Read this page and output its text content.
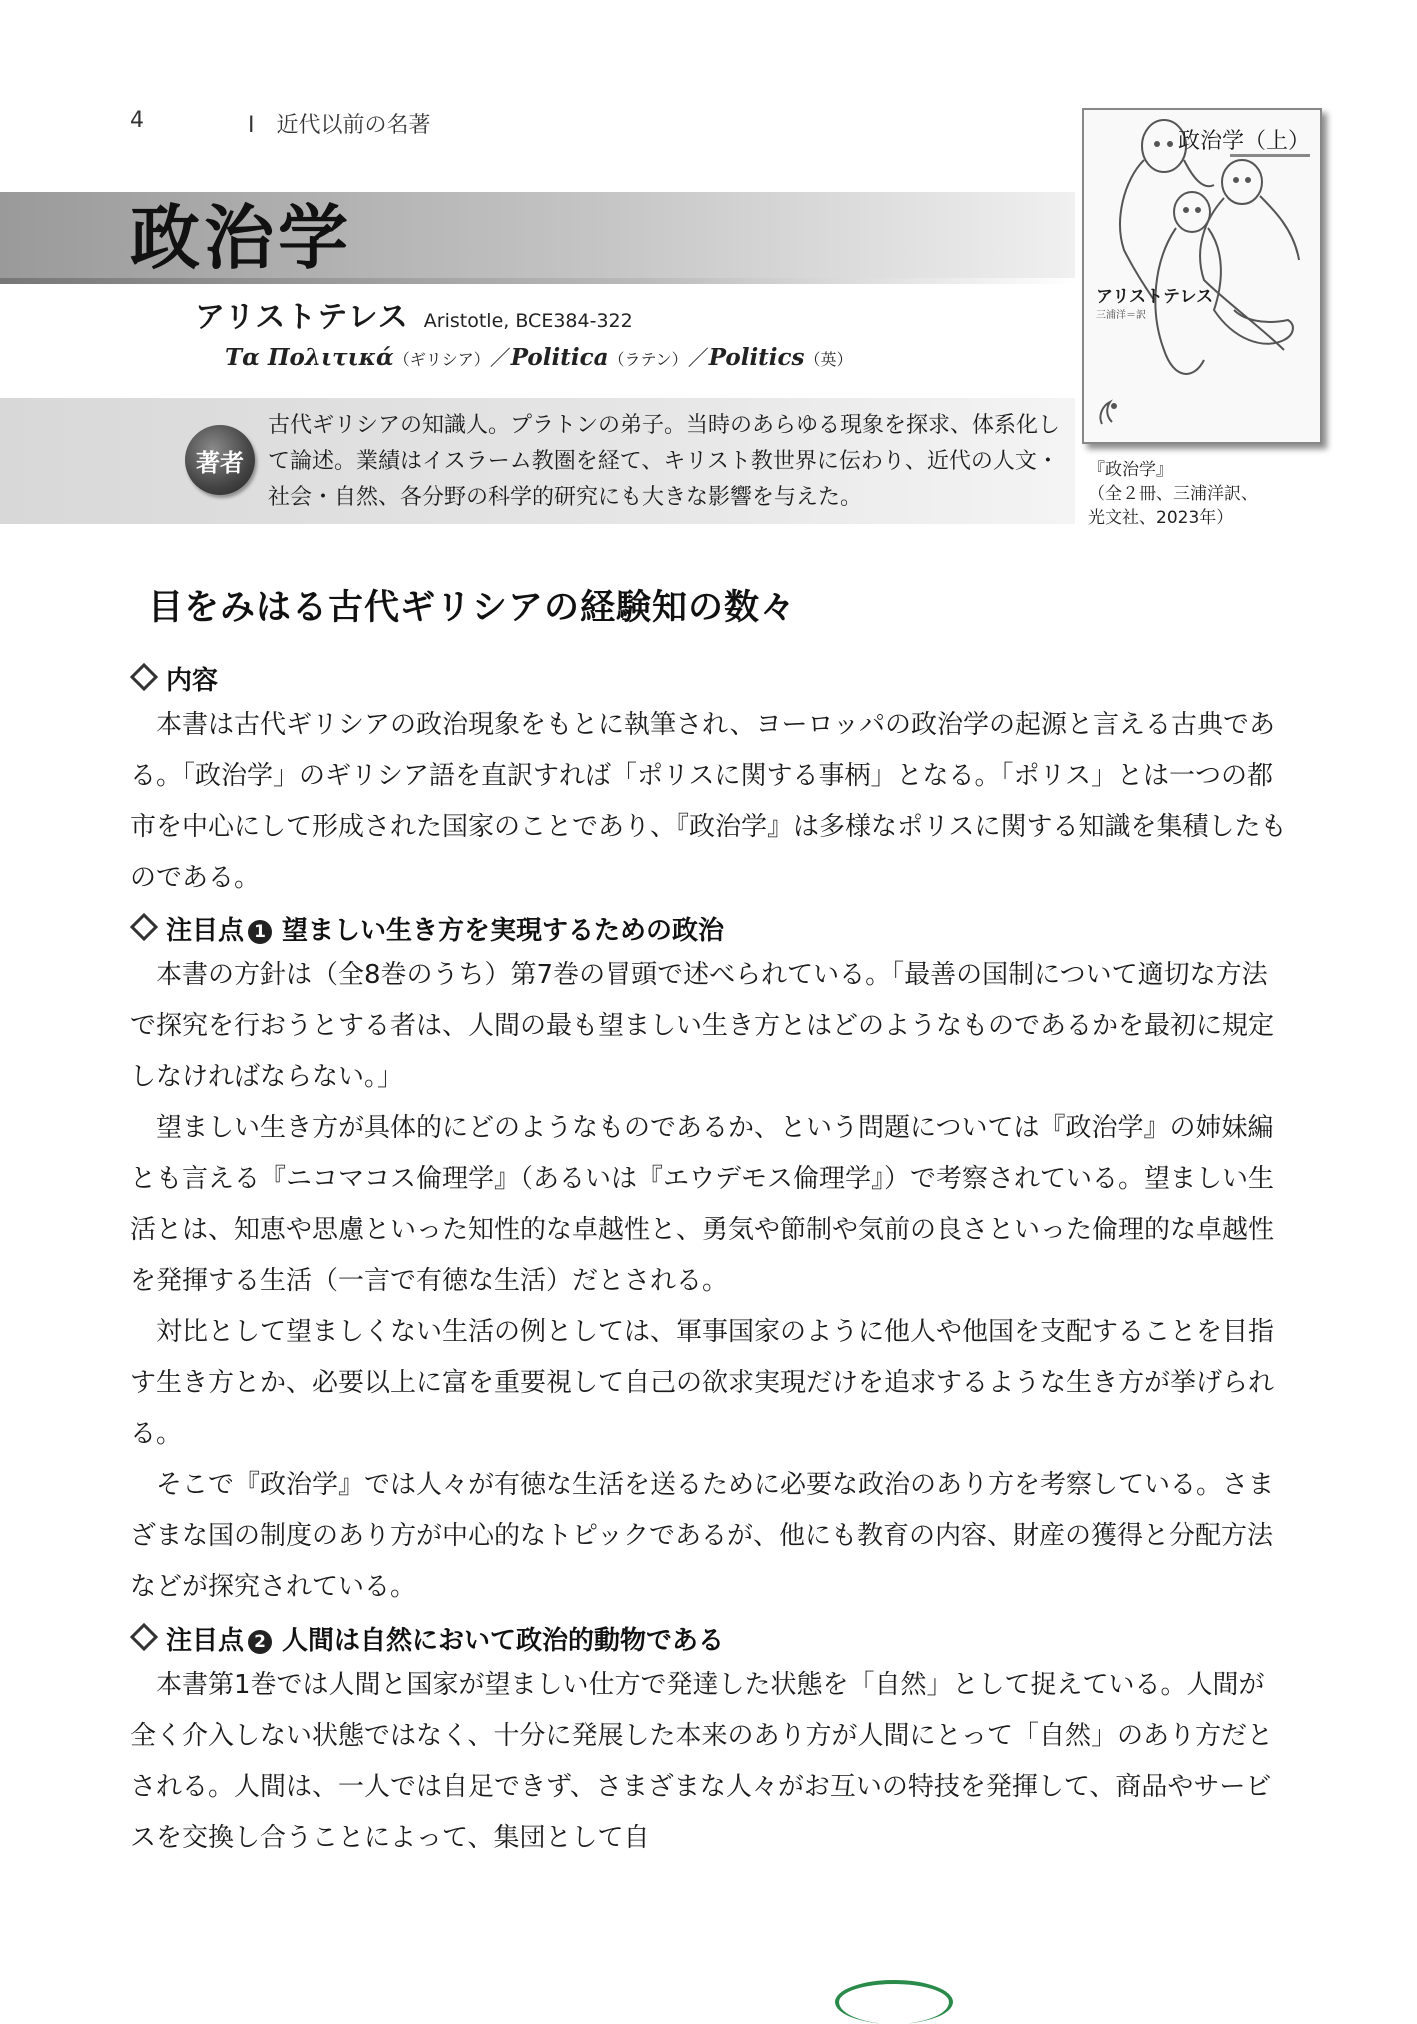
4	Ⅰ　近代以前の名著
政治学
アリストテレス Aristotle, BCE384-322
Τα Πολιτικά（ギリシア）／Politica（ラテン）／Politics（英）
著者
古代ギリシアの知識人。プラトンの弟子。当時のあらゆる現象を探求、体系化して論述。業績はイスラーム教圏を経て、キリスト教世界に伝わり、近代の人文・社会・自然、各分野の科学的研究にも大きな影響を与えた。
政治学（上）
アリストテレス
三浦洋＝訳
『政治学』
（全２冊、三浦洋訳、
光文社、2023年）
目をみはる古代ギリシアの経験知の数々
内容

本書は古代ギリシアの政治現象をもとに執筆され、ヨーロッパの政治学の起源と言える古典である。「政治学」のギリシア語を直訳すれば「ポリスに関する事柄」となる。「ポリス」とは一つの都市を中心にして形成された国家のことであり、『政治学』は多様なポリスに関する知識を集積したものである。

注目点 1 望ましい生き方を実現するための政治

本書の方針は（全8巻のうち）第7巻の冒頭で述べられている。「最善の国制について適切な方法で探究を行おうとする者は、人間の最も望ましい生き方とはどのようなものであるかを最初に規定しなければならない。」

望ましい生き方が具体的にどのようなものであるか、という問題については『政治学』の姉妹編とも言える『ニコマコス倫理学』（あるいは『エウデモス倫理学』）で考察されている。望ましい生活とは、知恵や思慮といった知性的な卓越性と、勇気や節制や気前の良さといった倫理的な卓越性を発揮する生活（一言で有徳な生活）だとされる。

対比として望ましくない生活の例としては、軍事国家のように他人や他国を支配することを目指す生き方とか、必要以上に富を重要視して自己の欲求実現だけを追求するような生き方が挙げられる。

そこで『政治学』では人々が有徳な生活を送るために必要な政治のあり方を考察している。さまざまな国の制度のあり方が中心的なトピックであるが、他にも教育の内容、財産の獲得と分配方法などが探究されている。

注目点 2 人間は自然において政治的動物である

本書第1巻では人間と国家が望ましい仕方で発達した状態を「自然」として捉えている。人間が全く介入しない状態ではなく、十分に発展した本来のあり方が人間にとって「自然」のあり方だとされる。人間は、一人では自足できず、さまざまな人々がお互いの特技を発揮して、商品やサービスを交換し合うことによって、集団として自
